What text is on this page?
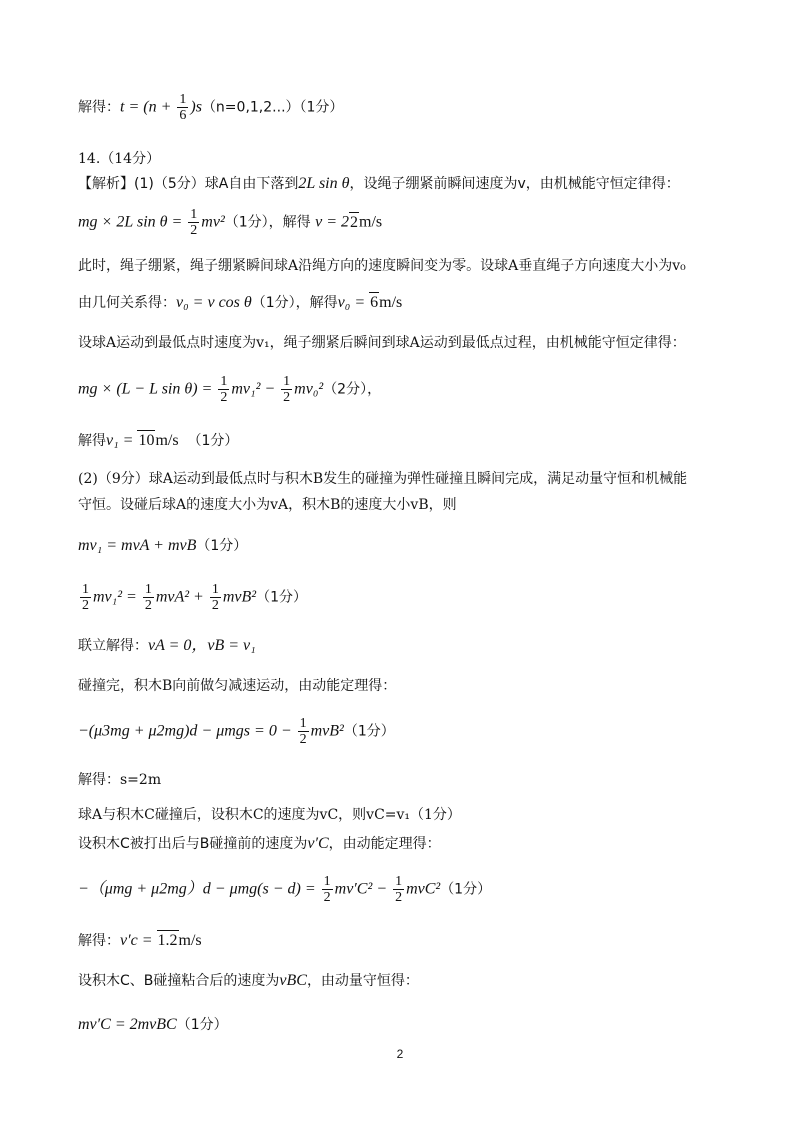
解得：$t = (n + \frac{1}{6} )s(n=0,1,2...)(1$分）
14.（14分）
【解析】(1)（5分）球A自由下落到2L sin θ，设绳子绷紧前瞬间速度为v，由机械能守恒定律得：
mg × 2L $\sin \theta = \frac{1}{2} mv^2(1$分），解得 v = 22m/s
此时，绳子绷紧，绳子绷紧瞬间球A沿绳方向的速度瞬间变为零。设球A垂直绳子方向速度大小为v₀
由几何关系得：v₀ = v cos θ（1分），解得v₀ = 6m/s
设球A运动到最低点时速度为v₁，绳子绷紧后瞬间到球A运动到最低点过程，由机械能守恒定律得：
mg × (L − L $\sin \theta) = \frac{1}{2} mv_1^2 - \frac{1}{2} mv_0^2(2$分），
解得v₁ = 10m/s （1分）
(2)（9分）球A运动到最低点时与积木B发生的碰撞为弹性碰撞且瞬间完成，满足动量守恒和机械能
守恒。设碰后球A的速度大小为vA，积木B的速度大小vB，则
mv₁ = mvA + mvB（1分）
$\frac{1}{2} mv_1^2 = \frac{1}{2} mvA^2 + \frac{1}{2} mvB^2(1$分）
联立解得：vA = 0，vB = v₁
碰撞完，积木B向前做匀减速运动，由动能定理得：
$-(\mu 3mg + \mu 2mg)d - \mu mgs = 0 - \frac{1}{2} mvB^2(1$分）
解得：s=2m
球A与积木C碰撞后，设积木C的速度为vC，则vC=v₁（1分）
设积木C被打出后与B碰撞前的速度为v′C，由动能定理得：
$-(\mu mg + \mu 2mg)d - \mu mg(s - d) = \frac{1}{2} mv'C^2 - \frac{1}{2} mvC^2(1$分）
解得：v′c = 1.2m/s
设积木C、B碰撞粘合后的速度为vBC，由动量守恒得：
mv′C = 2mvBC（1分）
2
